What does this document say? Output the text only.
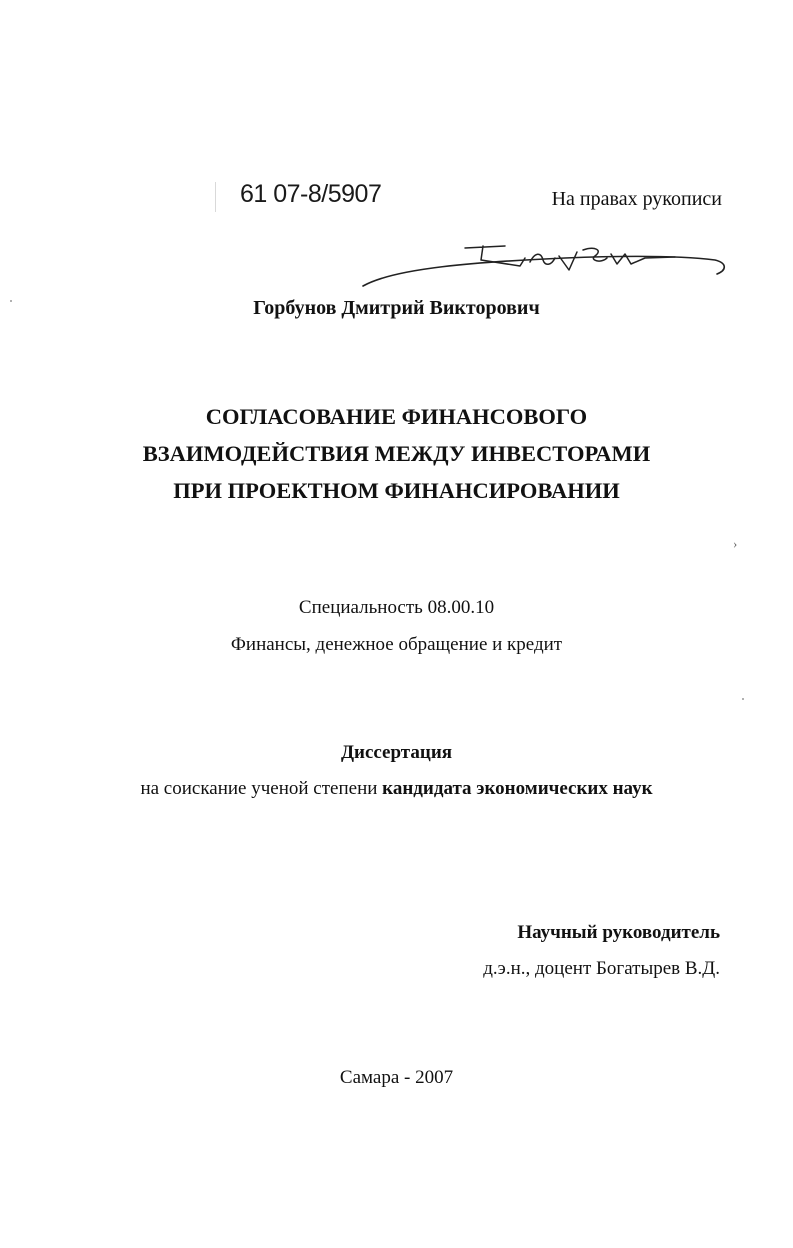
61 07-8/5907	На правах рукописи
Горбунов Дмитрий Викторович
СОГЛАСОВАНИЕ ФИНАНСОВОГО
ВЗАИМОДЕЙСТВИЯ МЕЖДУ ИНВЕСТОРАМИ
ПРИ ПРОЕКТНОМ ФИНАНСИРОВАНИИ
›
Специальность 08.00.10
Финансы, денежное обращение и кредит
Диссертация
на соискание ученой степени кандидата экономических наук
Научный руководитель
д.э.н., доцент Богатырев В.Д.
Самара - 2007
